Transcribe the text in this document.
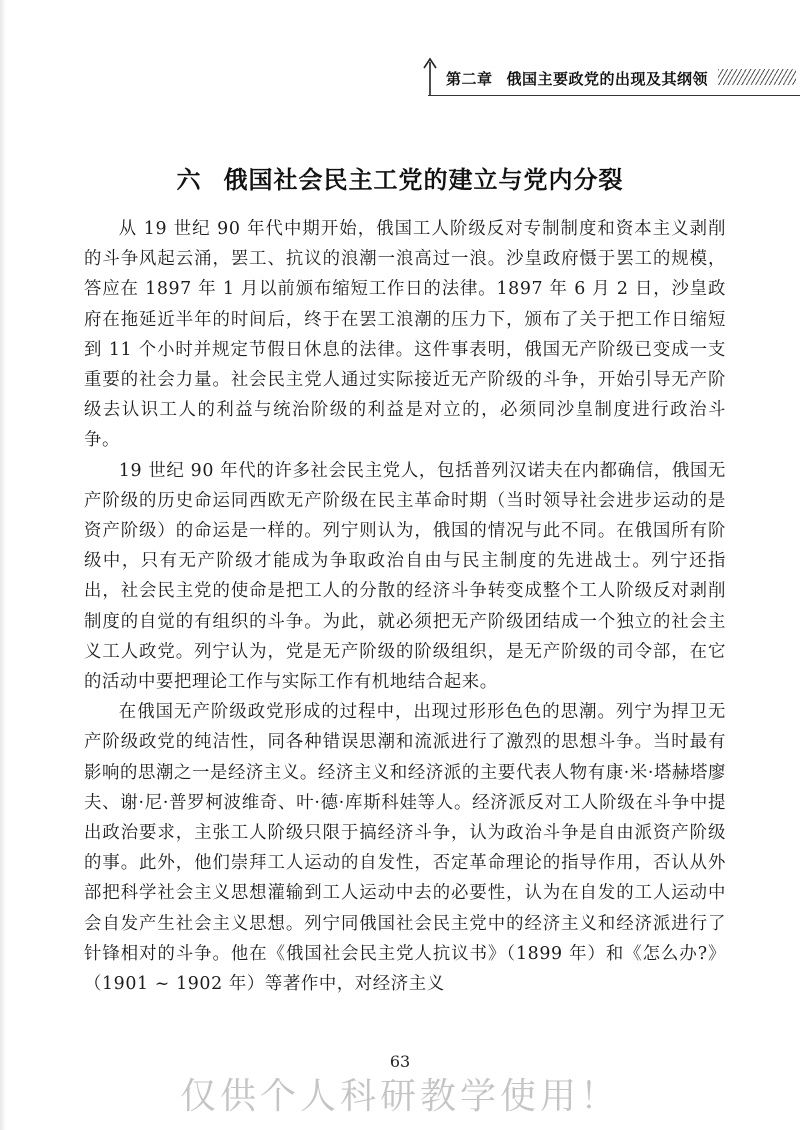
第二章 俄国主要政党的出现及其纲领
六 俄国社会民主工党的建立与党内分裂

从 19 世纪 90 年代中期开始，俄国工人阶级反对专制制度和资本主义剥削的斗争风起云涌，罢工、抗议的浪潮一浪高过一浪。沙皇政府慑于罢工的规模，答应在 1897 年 1 月以前颁布缩短工作日的法律。1897 年 6 月 2 日，沙皇政府在拖延近半年的时间后，终于在罢工浪潮的压力下，颁布了关于把工作日缩短到 11 个小时并规定节假日休息的法律。这件事表明，俄国无产阶级已变成一支重要的社会力量。社会民主党人通过实际接近无产阶级的斗争，开始引导无产阶级去认识工人的利益与统治阶级的利益是对立的，必须同沙皇制度进行政治斗争。

19 世纪 90 年代的许多社会民主党人，包括普列汉诺夫在内都确信，俄国无产阶级的历史命运同西欧无产阶级在民主革命时期（当时领导社会进步运动的是资产阶级）的命运是一样的。列宁则认为，俄国的情况与此不同。在俄国所有阶级中，只有无产阶级才能成为争取政治自由与民主制度的先进战士。列宁还指出，社会民主党的使命是把工人的分散的经济斗争转变成整个工人阶级反对剥削制度的自觉的有组织的斗争。为此，就必须把无产阶级团结成一个独立的社会主义工人政党。列宁认为，党是无产阶级的阶级组织，是无产阶级的司令部，在它的活动中要把理论工作与实际工作有机地结合起来。

在俄国无产阶级政党形成的过程中，出现过形形色色的思潮。列宁为捍卫无产阶级政党的纯洁性，同各种错误思潮和流派进行了激烈的思想斗争。当时最有影响的思潮之一是经济主义。经济主义和经济派的主要代表人物有康·米·塔赫塔廖夫、谢·尼·普罗柯波维奇、叶·德·库斯科娃等人。经济派反对工人阶级在斗争中提出政治要求，主张工人阶级只限于搞经济斗争，认为政治斗争是自由派资产阶级的事。此外，他们崇拜工人运动的自发性，否定革命理论的指导作用，否认从外部把科学社会主义思想灌输到工人运动中去的必要性，认为在自发的工人运动中会自发产生社会主义思想。列宁同俄国社会民主党中的经济主义和经济派进行了针锋相对的斗争。他在《俄国社会民主党人抗议书》（1899 年）和《怎么办?》（1901 ~ 1902 年）等著作中，对经济主义

63
仅供个人科研教学使用！
